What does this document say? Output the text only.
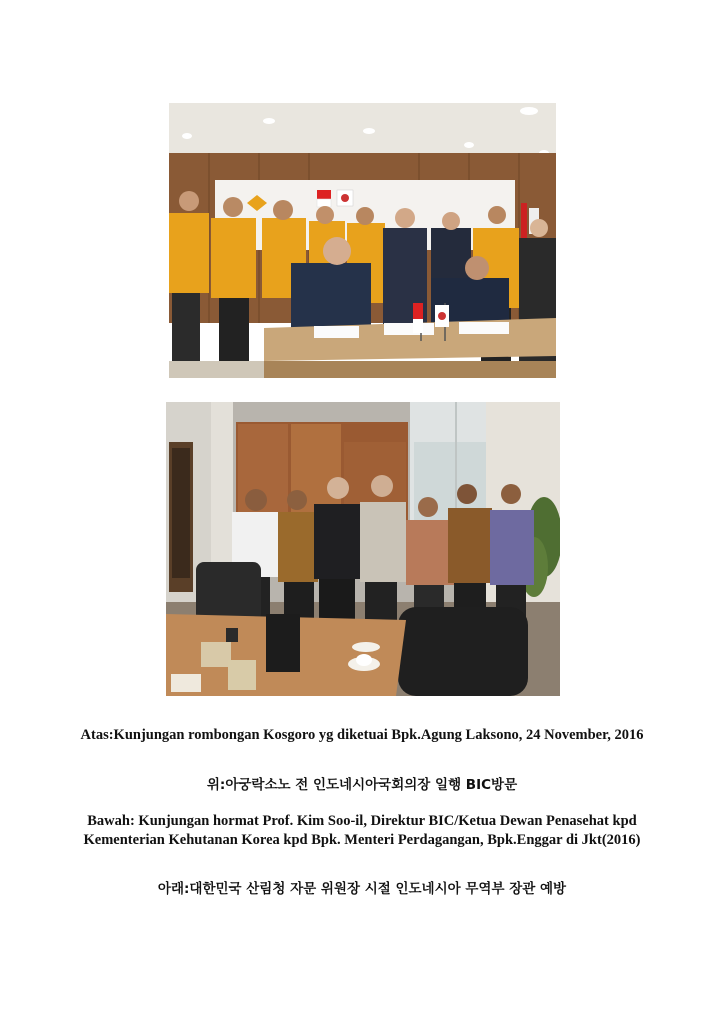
Atas:Kunjungan rombongan Kosgoro yg diketuai Bpk.Agung Laksono, 24 November, 2016
위:아궁락소노 전 인도네시아국회의장 일행 BIC방문
Bawah: Kunjungan hormat Prof. Kim Soo-il, Direktur BIC/Ketua Dewan Penasehat kpd Kementerian Kehutanan Korea kpd Bpk. Menteri Perdagangan, Bpk.Enggar di Jkt(2016)
아래:대한민국 산림청 자문 위원장 시절 인도네시아 무역부 장관 예방
